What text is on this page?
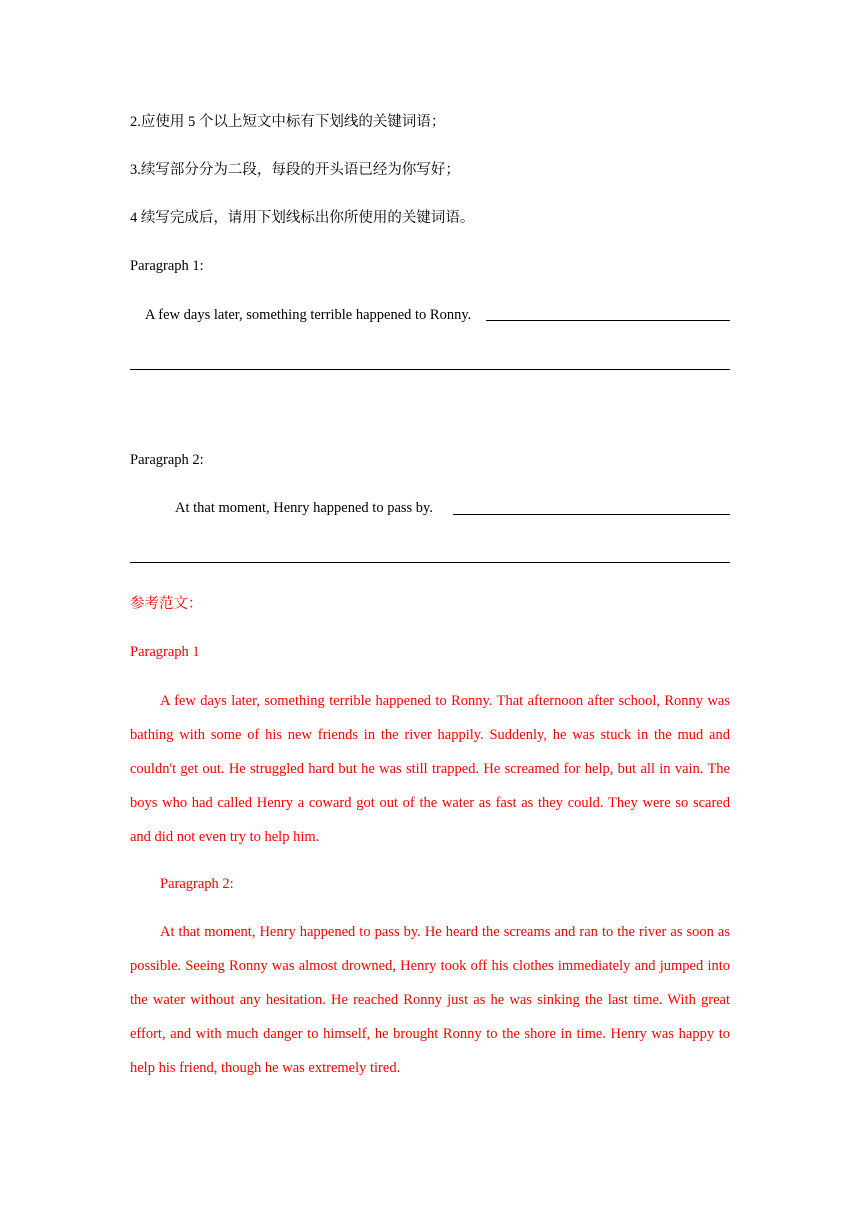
2.应使用 5 个以上短文中标有下划线的关键词语；
3.续写部分分为二段，每段的开头语已经为你写好；
4 续写完成后，请用下划线标出你所使用的关键词语。
Paragraph 1:
A few days later, something terrible happened to Ronny.
Paragraph 2:
At that moment, Henry happened to pass by.
参考范文：
Paragraph 1
A few days later, something terrible happened to Ronny. That afternoon after school, Ronny was bathing with some of his new friends in the river happily. Suddenly, he was stuck in the mud and couldn't get out. He struggled hard but he was still trapped. He screamed for help, but all in vain. The boys who had called Henry a coward got out of the water as fast as they could. They were so scared and did not even try to help him.
Paragraph 2:
At that moment, Henry happened to pass by. He heard the screams and ran to the river as soon as possible. Seeing Ronny was almost drowned, Henry took off his clothes immediately and jumped into the water without any hesitation. He reached Ronny just as he was sinking the last time. With great effort, and with much danger to himself, he brought Ronny to the shore in time. Henry was happy to help his friend, though he was extremely tired.
